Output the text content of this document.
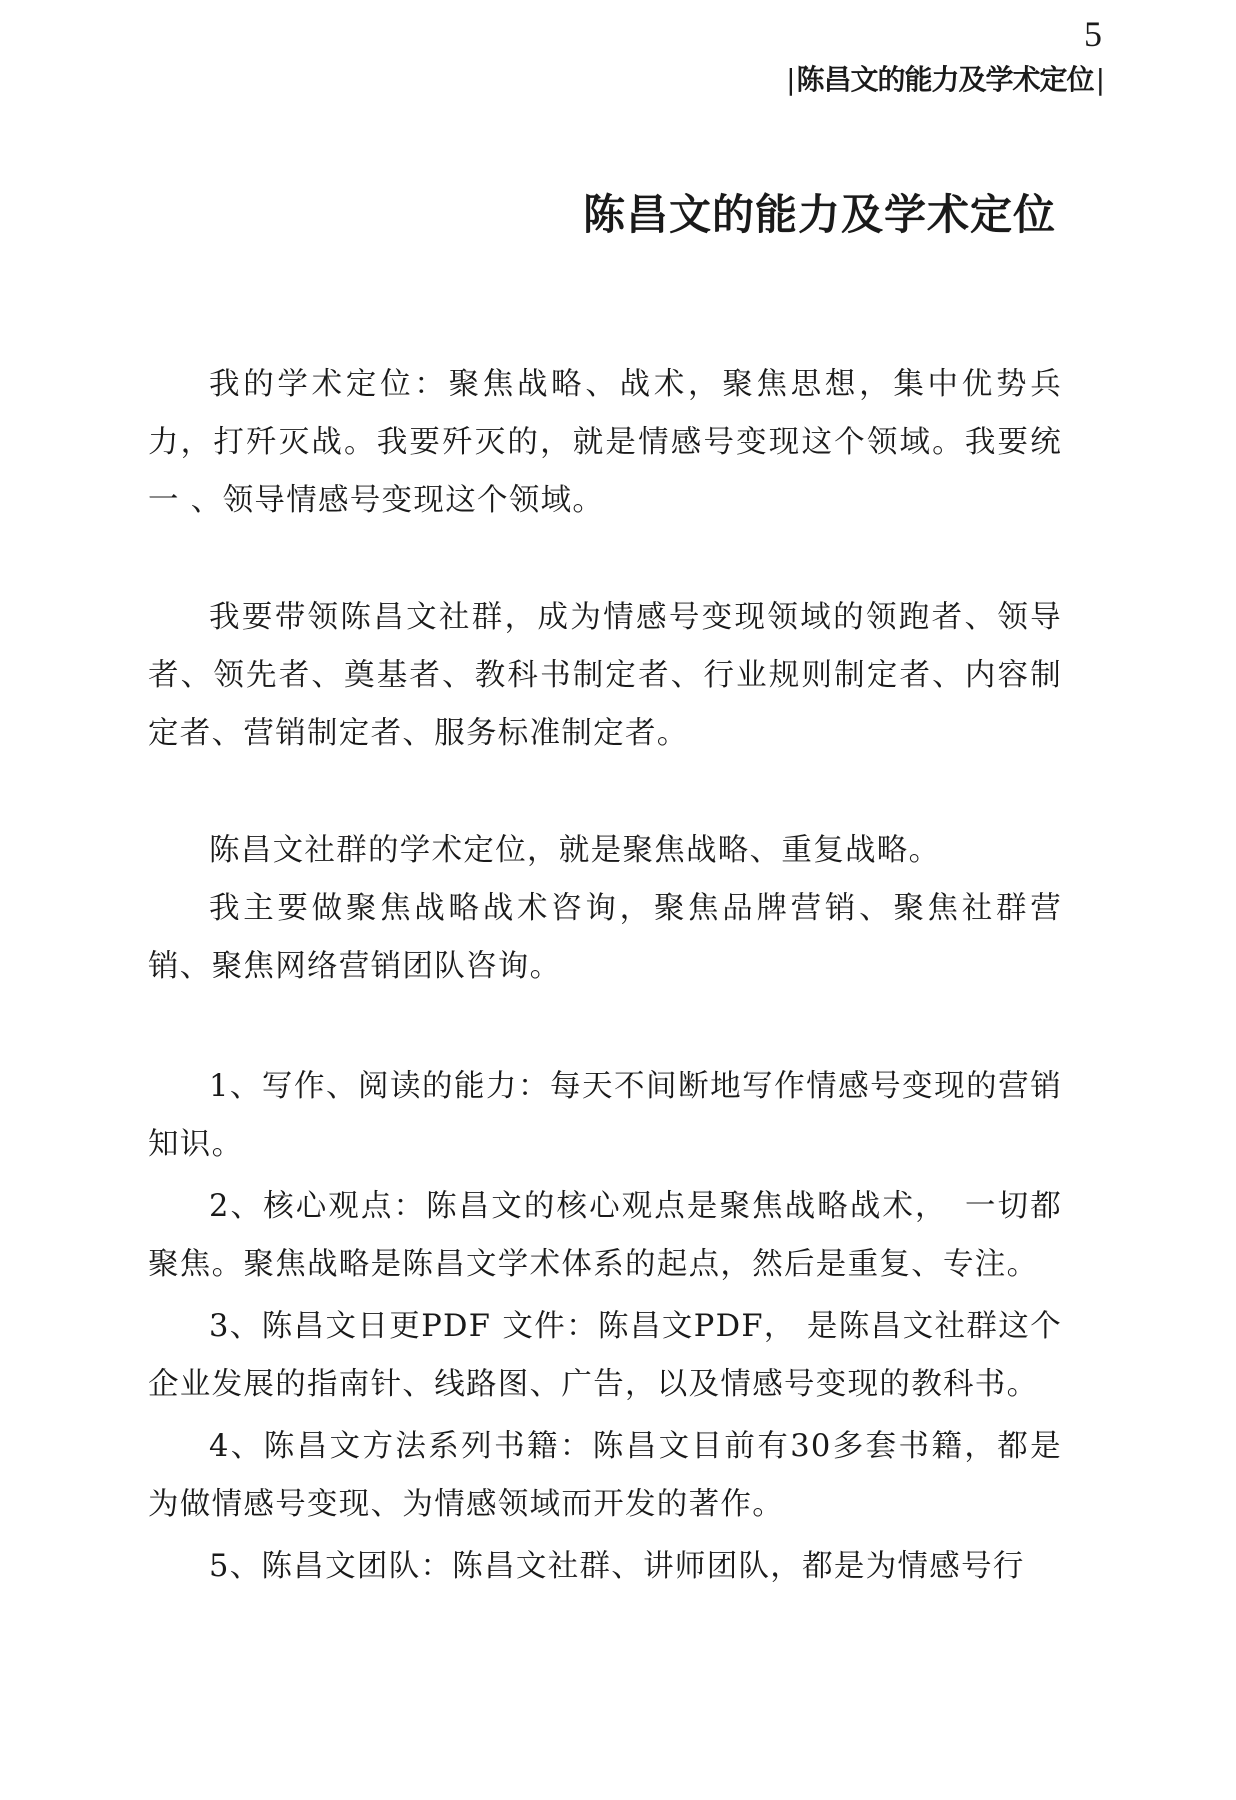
5
|陈昌文的能力及学术定位|
陈昌文的能力及学术定位

我的学术定位：聚焦战略、战术，聚焦思想，集中优势兵力，打歼灭战。我要歼灭的，就是情感号变现这个领域。我要统一 、领导情感号变现这个领域。

我要带领陈昌文社群，成为情感号变现领域的领跑者、领导者、领先者、奠基者、教科书制定者、行业规则制定者、内容制定者、营销制定者、服务标准制定者。

陈昌文社群的学术定位，就是聚焦战略、重复战略。

我主要做聚焦战略战术咨询，聚焦品牌营销、聚焦社群营销、聚焦网络营销团队咨询。

1、写作、阅读的能力：每天不间断地写作情感号变现的营销知识。

2、核心观点：陈昌文的核心观点是聚焦战略战术，　一切都聚焦。聚焦战略是陈昌文学术体系的起点，然后是重复、专注。

3、陈昌文日更PDF 文件：陈昌文PDF， 是陈昌文社群这个企业发展的指南针、线路图、广告，以及情感号变现的教科书。

4、陈昌文方法系列书籍：陈昌文目前有30多套书籍，都是为做情感号变现、为情感领域而开发的著作。

5、陈昌文团队：陈昌文社群、讲师团队，都是为情感号行
